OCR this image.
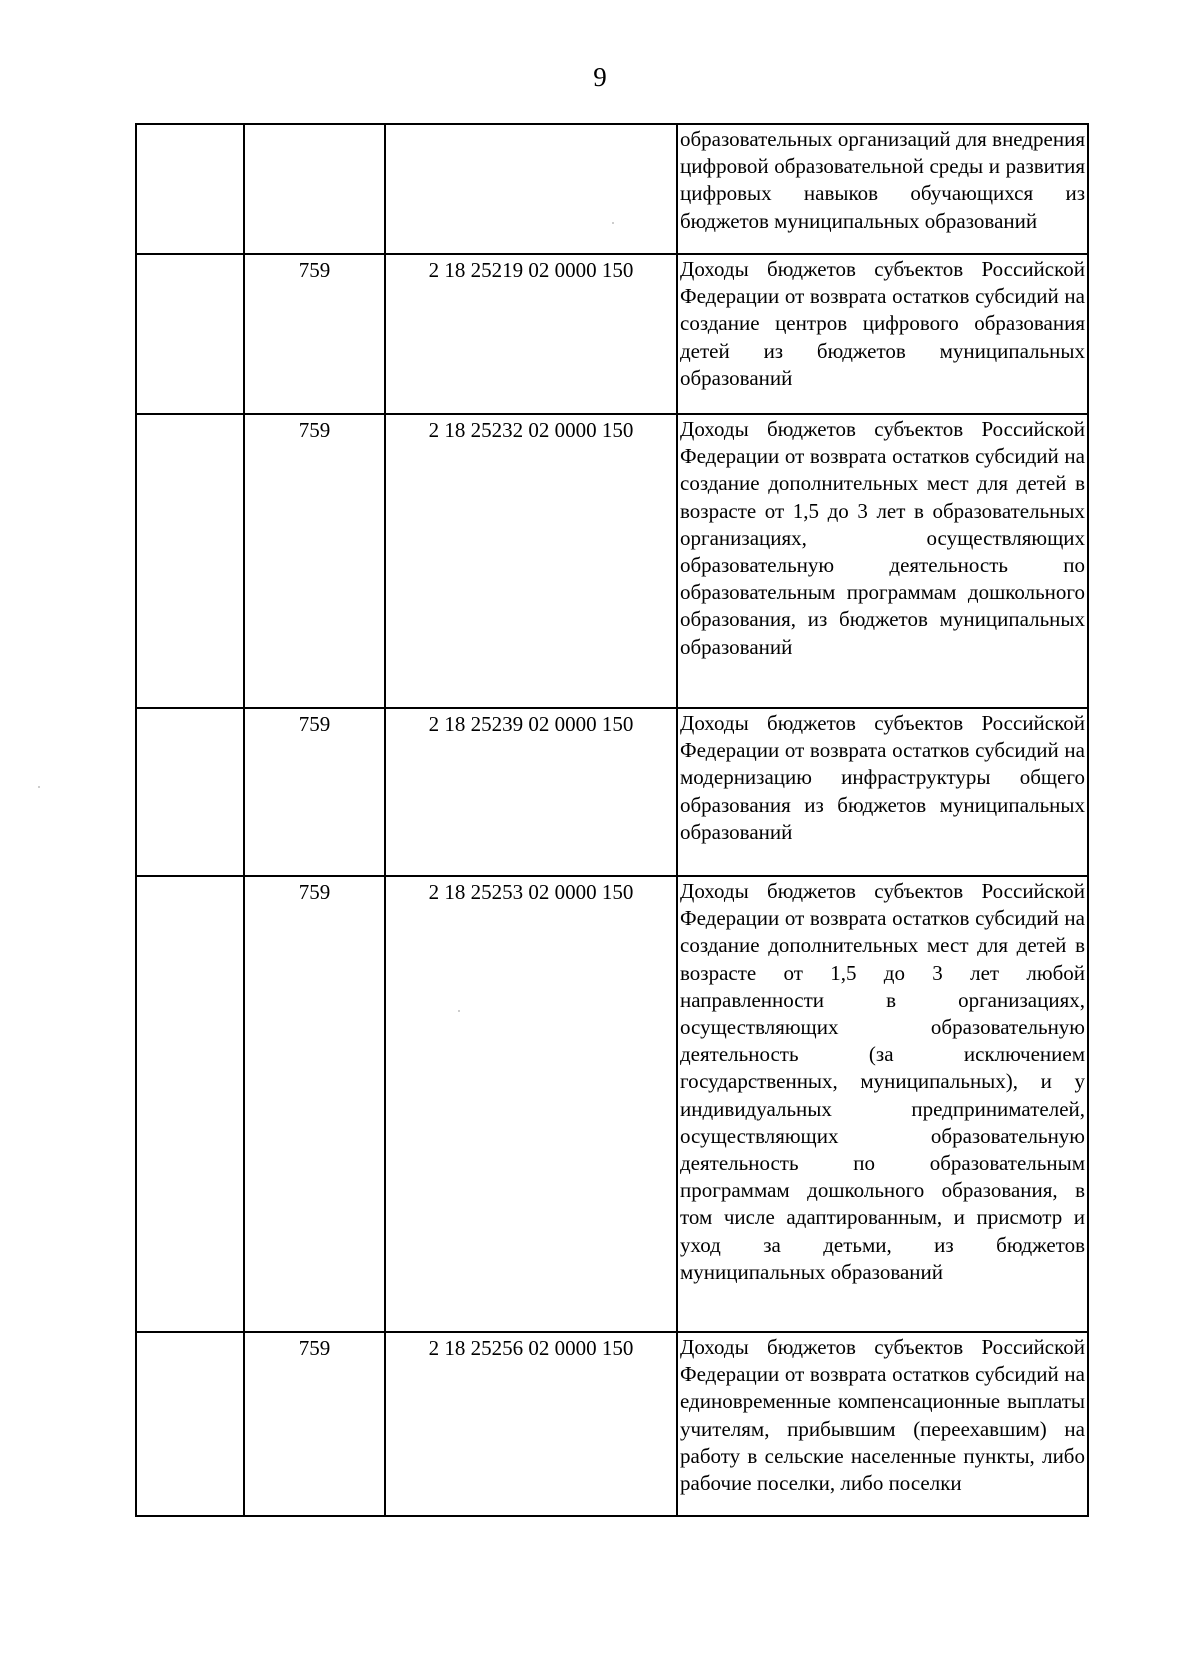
9
			образовательных организаций для внедрения цифровой образовательной среды и развития цифровых навыков обучающихся из бюджетов муниципальных образований
	759	2 18 25219 02 0000 150	Доходы бюджетов субъектов Российской Федерации от возврата остатков субсидий на создание центров цифрового образования детей из бюджетов муниципальных образований
	759	2 18 25232 02 0000 150	Доходы бюджетов субъектов Российской Федерации от возврата остатков субсидий на создание дополнительных мест для детей в возрасте от 1,5 до 3 лет в образовательных организациях, осуществляющих образовательную деятельность по образовательным программам дошкольного образования, из бюджетов муниципальных образований
	759	2 18 25239 02 0000 150	Доходы бюджетов субъектов Российской Федерации от возврата остатков субсидий на модернизацию инфраструктуры общего образования из бюджетов муниципальных образований
	759	2 18 25253 02 0000 150	Доходы бюджетов субъектов Российской Федерации от возврата остатков субсидий на создание дополнительных мест для детей в возрасте от 1,5 до 3 лет любой направленности в организациях, осуществляющих образовательную деятельность (за исключением государственных, муниципальных), и у индивидуальных предпринимателей, осуществляющих образовательную деятельность по образовательным программам дошкольного образования, в том числе адаптированным, и присмотр и уход за детьми, из бюджетов муниципальных образований
	759	2 18 25256 02 0000 150	Доходы бюджетов субъектов Российской Федерации от возврата остатков субсидий на единовременные компенсационные выплаты учителям, прибывшим (переехавшим) на работу в сельские населенные пункты, либо рабочие поселки, либо поселки
